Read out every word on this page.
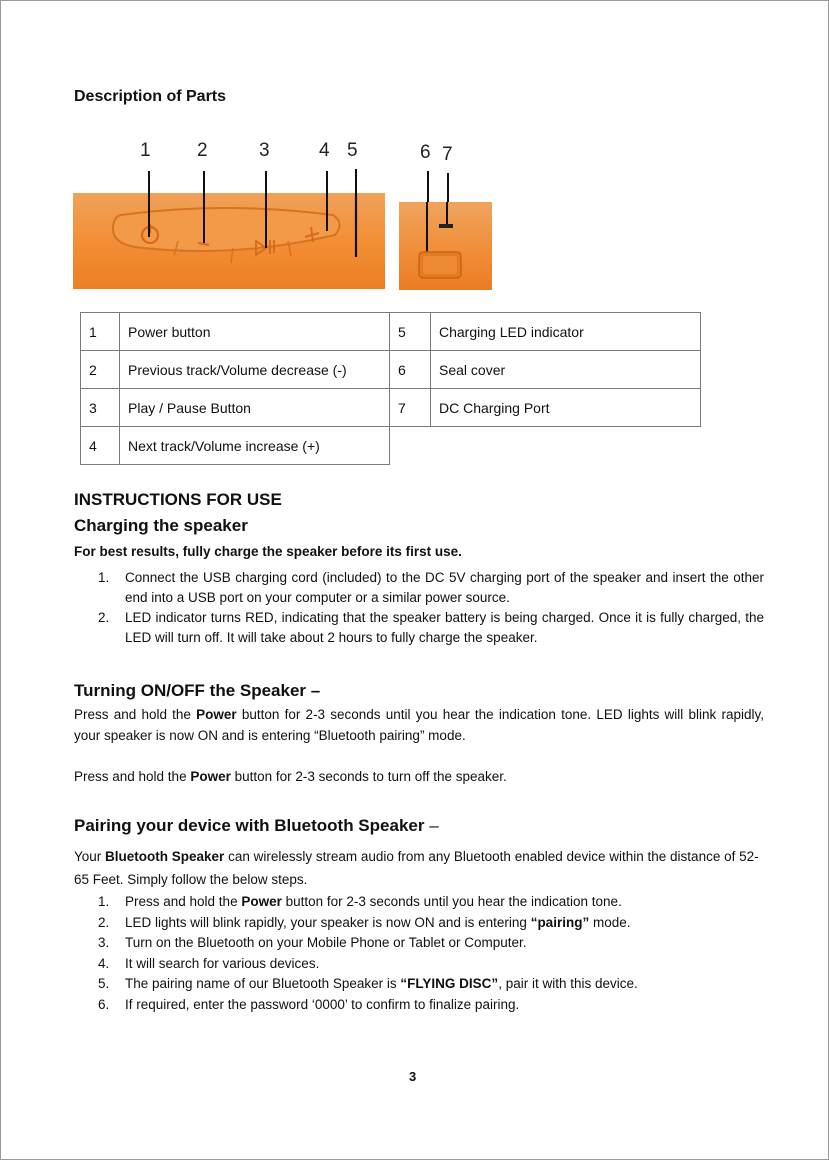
Description of Parts
1 2	3	4 5	6 7
1	Power button	5	Charging LED indicator
2	Previous track/Volume decrease (-)	6	Seal cover
3	Play / Pause Button	7	DC Charging Port
4	Next track/Volume increase (+)		
INSTRUCTIONS FOR USE
Charging the speaker
For best results, fully charge the speaker before its first use.
1.	Connect the USB charging cord (included) to the DC 5V charging port of the speaker and insert the other end into a USB port on your computer or a similar power source.
2.	LED indicator turns RED, indicating that the speaker battery is being charged. Once it is fully charged, the LED will turn off. It will take about 2 hours to fully charge the speaker.
Turning ON/OFF the Speaker –
Press and hold the Power button for 2-3 seconds until you hear the indication tone. LED lights will blink rapidly, your speaker is now ON and is entering “Bluetooth pairing” mode.
Press and hold the Power button for 2-3 seconds to turn off the speaker.
Pairing your device with Bluetooth Speaker –
Your Bluetooth Speaker can wirelessly stream audio from any Bluetooth enabled device within the distance of 52-65 Feet. Simply follow the below steps.
1.	Press and hold the Power button for 2-3 seconds until you hear the indication tone.
2.	LED lights will blink rapidly, your speaker is now ON and is entering “pairing” mode.
3.	Turn on the Bluetooth on your Mobile Phone or Tablet or Computer.
4.	It will search for various devices.
5.	The pairing name of our Bluetooth Speaker is “FLYING DISC”, pair it with this device.
6.	If required, enter the password ‘0000’ to confirm to finalize pairing.
3
